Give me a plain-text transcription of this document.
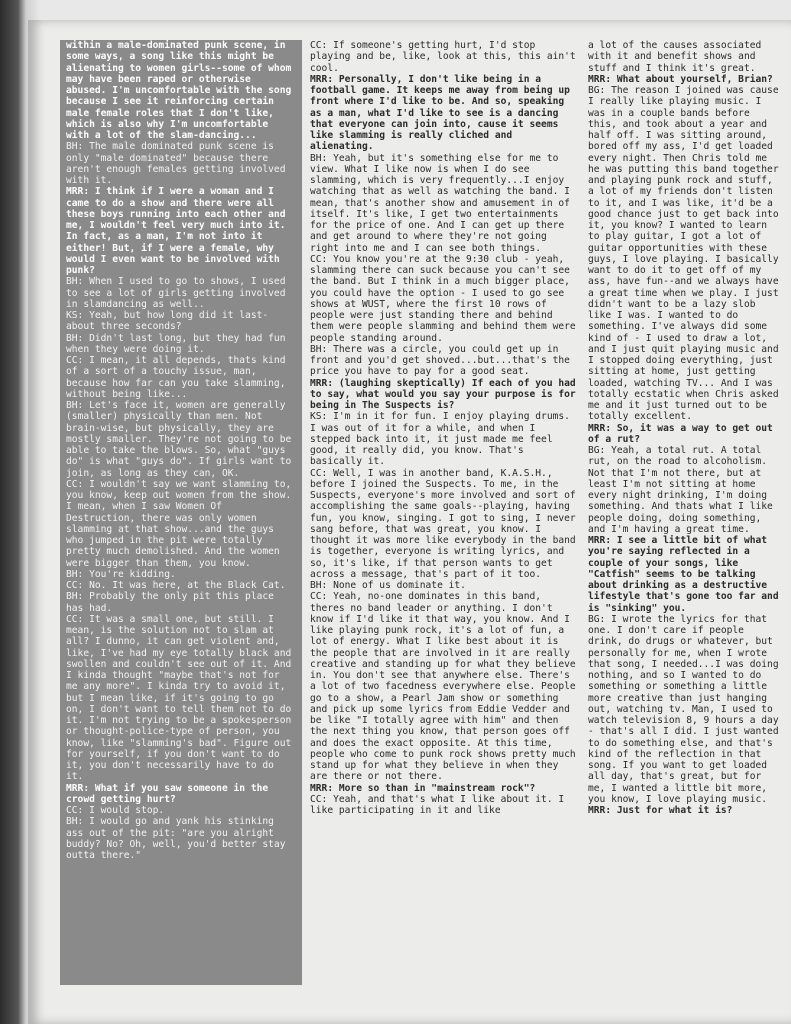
within a male-dominated punk scene, in some ways, a song like this might be alienating to women girls--some of whom may have been raped or otherwise abused. I'm uncomfortable with the song because I see it reinforcing certain male female roles that I don't like, which is also why I'm uncomfortable with a lot of the slam-dancing...

BH: The male dominated punk scene is only "male dominated" because there aren't enough females getting involved with it.

MRR: I think if I were a woman and I came to do a show and there were all these boys running into each other and me, I wouldn't feel very much into it. In fact, as a man, I'm not into it either! But, if I were a female, why would I even want to be involved with punk?

BH: When I used to go to shows, I used to see a lot of girls getting involved in slamdancing as well..

KS: Yeah, but how long did it last-about three seconds?

BH: Didn't last long, but they had fun when they were doing it.

CC: I mean, it all depends, thats kind of a sort of a touchy issue, man, because how far can you take slamming, without being like...

BH: Let's face it, women are generally (smaller) physically than men. Not brain-wise, but physically, they are mostly smaller. They're not going to be able to take the blows. So, what "guys do" is what "guys do". If girls want to join, as long as they can, OK.

CC: I wouldn't say we want slamming to, you know, keep out women from the show. I mean, when I saw Women Of Destruction, there was only women slamming at that show...and the guys who jumped in the pit were totally pretty much demolished. And the women were bigger than them, you know.

BH: You're kidding.

CC: No. It was here, at the Black Cat.

BH: Probably the only pit this place has had.

CC: It was a small one, but still. I mean, is the solution not to slam at all? I dunno, it can get violent and, like, I've had my eye totally black and swollen and couldn't see out of it. And I kinda thought "maybe that's not for me any more". I kinda try to avoid it, but I mean like, if it's going to go on, I don't want to tell them not to do it. I'm not trying to be a spokesperson or thought-police-type of person, you know, like "slamming's bad". Figure out for yourself, if you don't want to do it, you don't necessarily have to do it.

MRR: What if you saw someone in the crowd getting hurt?

CC: I would stop.

BH: I would go and yank his stinking ass out of the pit: "are you alright buddy? No? Oh, well, you'd better stay outta there."

CC: If someone's getting hurt, I'd stop playing and be, like, look at this, this ain't cool.

MRR: Personally, I don't like being in a football game. It keeps me away from being up front where I'd like to be. And so, speaking as a man, what I'd like to see is a dancing that everyone can join into, cause it seems like slamming is really cliched and alienating.

BH: Yeah, but it's something else for me to view. What I like now is when I do see slamming, which is very frequently...I enjoy watching that as well as watching the band. I mean, that's another show and amusement in of itself. It's like, I get two entertainments for the price of one. And I can get up there and get around to where they're not going right into me and I can see both things.

CC: You know you're at the 9:30 club - yeah, slamming there can suck because you can't see the band. But I think in a much bigger place, you could have the option - I used to go see shows at WUST, where the first 10 rows of people were just standing there and behind them were people slamming and behind them were people standing around.

BH: There was a circle, you could get up in front and you'd get shoved...but...that's the price you have to pay for a good seat.

MRR: (laughing skeptically) If each of you had to say, what would you say your purpose is for being in The Suspects is?

KS: I'm in it for fun. I enjoy playing drums. I was out of it for a while, and when I stepped back into it, it just made me feel good, it really did, you know. That's basically it.

CC: Well, I was in another band, K.A.S.H., before I joined the Suspects. To me, in the Suspects, everyone's more involved and sort of accomplishing the same goals--playing, having fun, you know, singing. I got to sing, I never sang before, that was great, you know. I thought it was more like everybody in the band is together, everyone is writing lyrics, and so, it's like, if that person wants to get across a message, that's part of it too.

BH: None of us dominate it.

CC: Yeah, no-one dominates in this band, theres no band leader or anything. I don't know if I'd like it that way, you know. And I like playing punk rock, it's a lot of fun, a lot of energy. What I like best about it is the people that are involved in it are really creative and standing up for what they believe in. You don't see that anywhere else. There's a lot of two facedness everywhere else. People go to a show, a Pearl Jam show or something and pick up some lyrics from Eddie Vedder and be like "I totally agree with him" and then the next thing you know, that person goes off and does the exact opposite. At this time, people who come to punk rock shows pretty much stand up for what they believe in when they are there or not there.

MRR: More so than in "mainstream rock"?

CC: Yeah, and that's what I like about it. I like participating in it and like

a lot of the causes associated with it and benefit shows and stuff and I think it's great.

MRR: What about yourself, Brian?

BG: The reason I joined was cause I really like playing music. I was in a couple bands before this, and took about a year and half off. I was sitting around, bored off my ass, I'd get loaded every night. Then Chris told me he was putting this band together and playing punk rock and stuff, a lot of my friends don't listen to it, and I was like, it'd be a good chance just to get back into it, you know? I wanted to learn to play guitar, I got a lot of guitar opportunities with these guys, I love playing. I basically want to do it to get off of my ass, have fun--and we always have a great time when we play. I just didn't want to be a lazy slob like I was. I wanted to do something. I've always did some kind of - I used to draw a lot, and I just quit playing music and I stopped doing everything, just sitting at home, just getting loaded, watching TV... And I was totally ecstatic when Chris asked me and it just turned out to be totally excellent.

MRR: So, it was a way to get out of a rut?

BG: Yeah, a total rut. A total rut, on the road to alcoholism. Not that I'm not there, but at least I'm not sitting at home every night drinking, I'm doing something. And thats what I like people doing, doing something, and I'm having a great time.

MRR: I see a little bit of what you're saying reflected in a couple of your songs, like "Catfish" seems to be talking about drinking as a destructive lifestyle that's gone too far and is "sinking" you.

BG: I wrote the lyrics for that one. I don't care if people drink, do drugs or whatever, but personally for me, when I wrote that song, I needed...I was doing nothing, and so I wanted to do something or something a little more creative than just hanging out, watching tv. Man, I used to watch television 8, 9 hours a day - that's all I did. I just wanted to do something else, and that's kind of the reflection in that song. If you want to get loaded all day, that's great, but for me, I wanted a little bit more, you know, I love playing music.

MRR: Just for what it is?
